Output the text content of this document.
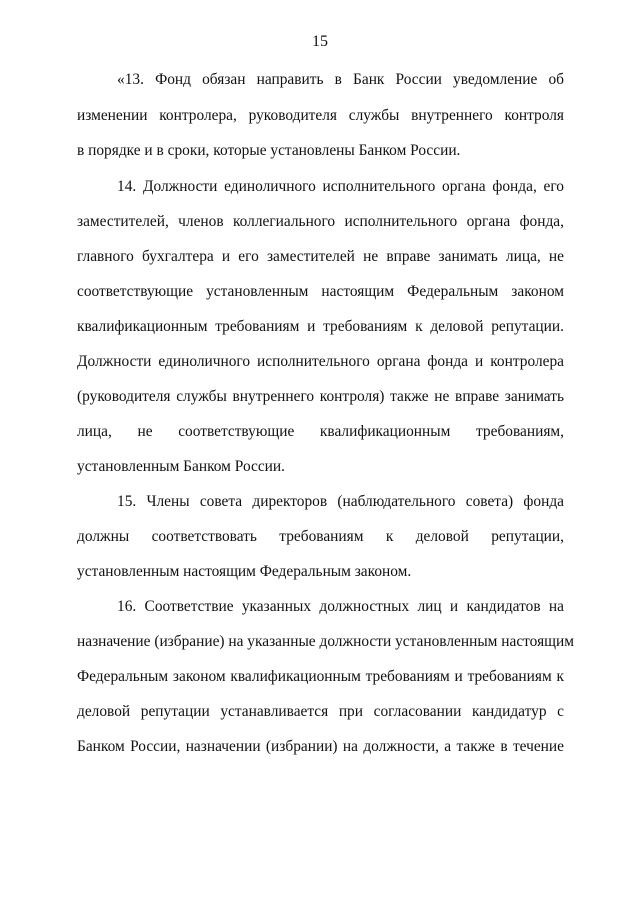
15
«13. Фонд обязан направить в Банк России уведомление об
изменении контролера, руководителя службы внутреннего контроля
в порядке и в сроки, которые установлены Банком России.
14. Должности единоличного исполнительного органа фонда, его
заместителей, членов коллегиального исполнительного органа фонда,
главного бухгалтера и его заместителей не вправе занимать лица, не
соответствующие установленным настоящим Федеральным законом
квалификационным требованиям и требованиям к деловой репутации.
Должности единоличного исполнительного органа фонда и контролера
(руководителя службы внутреннего контроля) также не вправе занимать
лица, не соответствующие квалификационным требованиям,
установленным Банком России.
15. Члены совета директоров (наблюдательного совета) фонда
должны соответствовать требованиям к деловой репутации,
установленным настоящим Федеральным законом.
16. Соответствие указанных должностных лиц и кандидатов на
назначение (избрание) на указанные должности установленным настоящим
Федеральным законом квалификационным требованиям и требованиям к
деловой репутации устанавливается при согласовании кандидатур с
Банком России, назначении (избрании) на должности, а также в течение
